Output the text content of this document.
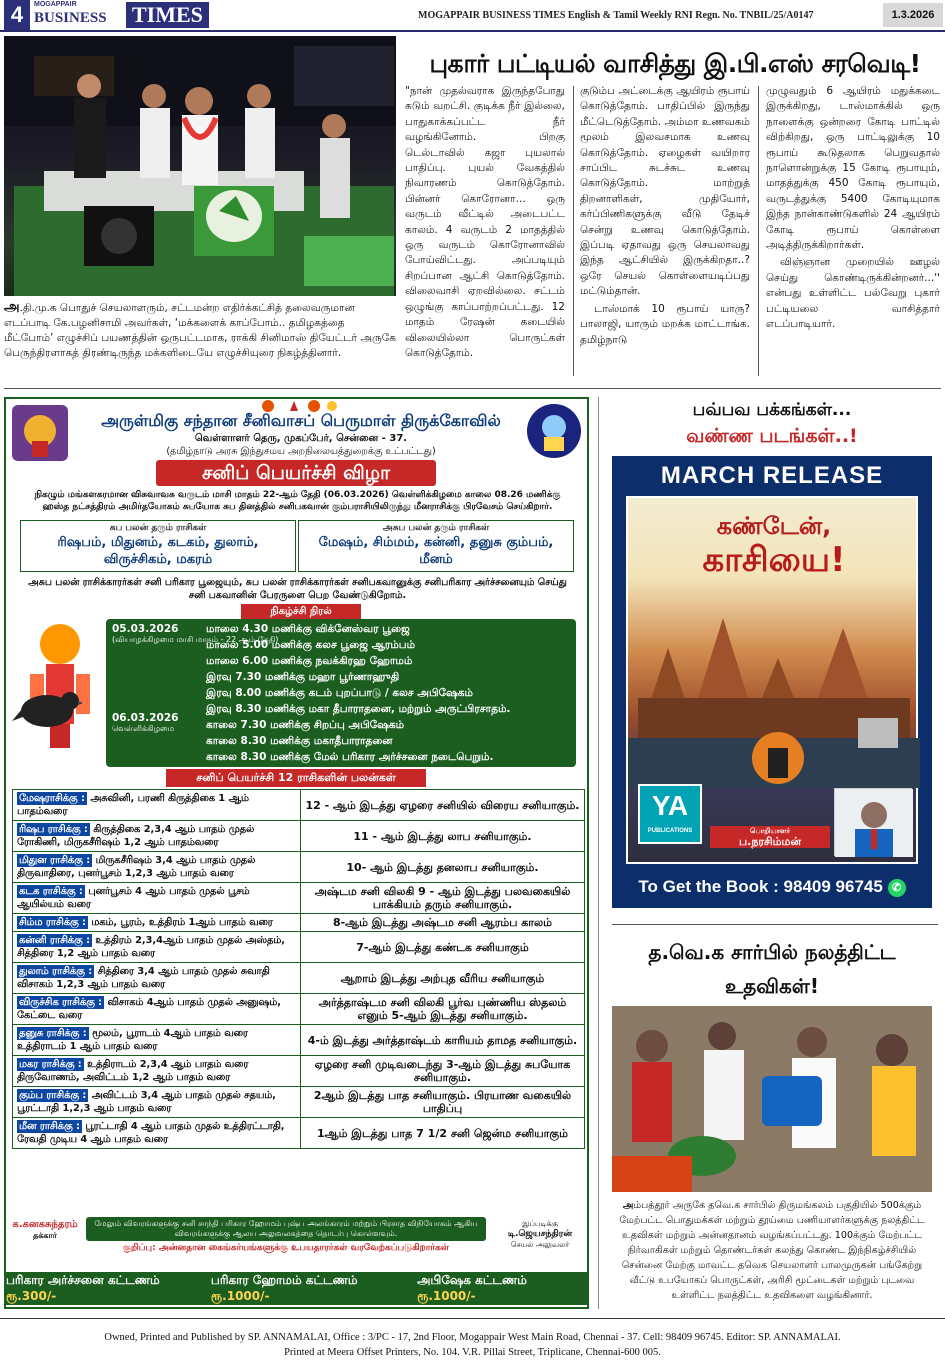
4	MOGAPPAIR
BUSINESS TIMES	MOGAPPAIR BUSINESS TIMES English & Tamil Weekly RNI Regn. No. TNBIL/25/A0147	1.3.2026
அ.தி.மு.க பொதுச் செயலாளரும், சட்டமன்ற எதிர்க்கட்சித் தலைவருமான எடப்பாடி கே.பழனிசாமி அவர்கள், ‘மக்களைக் காப்போம்.. தமிழகத்தை மீட்போம்’ எழுச்சிப் பயணத்தின் ஒருபட்டமாக, ராக்கி சினிமாஸ் தியேட்டர் அருகே பெருந்திரளாகத் திரண்டிருந்த மக்களிடையே எழுச்சியுரை நிகழ்த்தினார்.
புகார் பட்டியல் வாசித்து இ.பி.எஸ் சரவெடி!

"நான் முதல்வராக இருந்தபோது கடும் வறட்சி. குடிக்க நீர் இல்லை, பாதுகாக்கப்பட்ட நீர் வழங்கினோம். பிறகு டெல்டாவில் கஜா புயலால் பாதிப்பு. புயல் வேகத்தில் நிவாரணம் கொடுத்தோம். பின்னர் கொரோனா... ஒரு வருடம் வீட்டில் அடைபட்ட காலம். 4 வருடம் 2 மாதத்தில் ஒரு வருடம் கொரோனாவில் போய்விட்டது. அப்படியும் சிறப்பான ஆட்சி கொடுத்தோம். விலைவாசி ஏறவில்லை. சட்டம் ஒழுங்கு காப்பாற்றப்பட்டது. 12 மாதம் ரேஷன் கடையில் விலையில்லா பொருட்கள் கொடுத்தோம்.

குடும்ப அட்டைக்கு ஆயிரம் ரூபாய் கொடுத்தோம். பாதிப்பில் இருந்து மீட்டெடுத்தோம். அம்மா உணவகம் மூலம் இலவசமாக உணவு கொடுத்தோம். ஏழைகள் வயிறார சாப்பிட சுடச்சுட உணவு கொடுத்தோம். மாற்றுத் திறனாளிகள், முதியோர், கர்ப்பிணிகளுக்கு வீடு தேடிச் சென்று உணவு கொடுத்தோம். இப்படி ஏதாவது ஒரு செயலாவது இந்த ஆட்சியில் இருக்கிறதா..? ஒரே செயல் கொள்ளையடிப்பது மட்டும்தான்.

டாஸ்மாக் 10 ரூபாய் யாரு? பாலாஜி, யாரும் மறக்க மாட்டாங்க. தமிழ்நாடு

முழுவதும் 6 ஆயிரம் மதுக்கடை இருக்கிறது, டாஸ்மாக்கில் ஒரு நாளைக்கு ஒன்றரை கோடி பாட்டில் விற்கிறது, ஒரு பாட்டிலுக்கு 10 ரூபாய் கூடுதலாக பெறுவதால் நாளொன்றுக்கு 15 கோடி ரூபாயும், மாதத்துக்கு 450 கோடி ரூபாயும், வருடத்துக்கு 5400 கோடியுமாக இந்த நான்காண்டுகளில் 24 ஆயிரம் கோடி ரூபாய் கொள்ளை அடித்திருக்கிறார்கள்.

விஞ்ஞான முறையில் ஊழல் செய்து கொண்டிருக்கின்றனர்...'' என்பது உள்ளிட்ட பல்வேறு புகார் பட்டியலை வாசித்தார் எடப்பாடியார்.

அருள்மிகு சந்தான சீனிவாசப் பெருமாள் திருக்கோவில்
வெள்ளாளர் தெரு, முகப்பேர், சென்னை - 37.
(தமிழ்நாடு அரசு இந்துசமய அறநிலையத்துறைக்கு உட்பட்டது)
சனிப் பெயர்ச்சி விழா
நிகழும் மங்களகரமான விசுவாவசு வருடம் மாசி மாதம் 22-ஆம் தேதி (06.03.2026) வெள்ளிக்கிழமை காலை 08.26 மணிக்கு ஹஸ்த நட்சத்திரம் அமிர்தயோகம் சுபயோக சுப தினத்தில் சனிபகவான் கும்பராசியிலிருந்து மீனராசிக்கு பிரவேசம் செய்கிறார்.
சுப பலன் தரும் ராசிகள்
ரிஷபம், மிதுனம், கடகம், துலாம், விருச்சிகம், மகரம்
அசுப பலன் தரும் ராசிகள்
மேஷம், சிம்மம், கன்னி, தனுசு கும்பம், மீனம்
அசுப பலன் ராசிக்காரர்கள் சனி பரிகார பூஜையும், சுப பலன் ராசிக்காரர்கள் சனிபகவானுக்கு சனிபரிகார அர்ச்சனையும் செய்து சனி பகவானின் பேரருளை பெற வேண்டுகிறோம்.
நிகழ்ச்சி நிரல்
05.03.2026
(வியாழக்கிழமை மாசி மாதம் - 22 ஆம் தேதி)
06.03.2026
வெள்ளிக்கிழமை
மாலை 4.30 மணிக்கு விக்னேஸ்வர பூஜை
மாலை 5.00 மணிக்கு கலச பூஜை ஆரம்பம்
மாலை 6.00 மணிக்கு நவக்கிரஹ ஹோமம்
இரவு 7.30 மணிக்கு மஹா பூர்ணாஹுதி
இரவு 8.00 மணிக்கு கடம் புறப்பாடு / கலச அபிஷேகம்
இரவு 8.30 மணிக்கு மகா தீபாராதனை, மற்றும் அருட்பிரசாதம்.
காலை 7.30 மணிக்கு சிறப்பு அபிஷேகம்
காலை 8.30 மணிக்கு மகாதீபாராதனை
காலை 8.30 மணிக்கு மேல் பரிகார அர்ச்சனை நடைபெறும்.
சனிப் பெயர்ச்சி 12 ராசிகளின் பலன்கள்
மேஷராசிக்கு : அசுவினி, பரணி கிருத்திகை 1 ஆம் பாதம்வரை	12 - ஆம் இடத்து ஏழரை சனியில் விரைய சனியாகும்.
ரிஷப ராசிக்கு : கிருத்திகை 2,3,4 ஆம் பாதம் முதல் ரோகிணி, மிருகசீரிஷம் 1,2 ஆம் பாதம்வரை	11 - ஆம் இடத்து லாப சனியாகும்.
மிதுன ராசிக்கு : மிருகசீரிஷம் 3,4 ஆம் பாதம் முதல் திருவாதிரை, புனர்பூசம் 1,2,3 ஆம் பாதம் வரை	10- ஆம் இடத்து தனலாப சனியாகும்.
கடக ராசிக்கு : புனர்பூசம் 4 ஆம் பாதம் முதல் பூசம் ஆயில்யம் வரை	அஷ்டம சனி விலகி 9 - ஆம் இடத்து பலவகையில் பாக்கியம் தரும் சனியாகும்.
சிம்ம ராசிக்கு : மகம், பூரம், உத்திரம் 1ஆம் பாதம் வரை	8-ஆம் இடத்து அஷ்டம சனி ஆரம்ப காலம்
கன்னி ராசிக்கு : உத்திரம் 2,3,4ஆம் பாதம் முதல் அஸ்தம், சித்திரை 1,2 ஆம் பாதம் வரை	7-ஆம் இடத்து கண்டக சனியாகும்
துலாம் ராசிக்கு : சித்திரை 3,4 ஆம் பாதம் முதல் சுவாதி விசாகம் 1,2,3 ஆம் பாதம் வரை	ஆறாம் இடத்து அற்புத வீரிய சனியாகும்
விருச்சிக ராசிக்கு : விசாகம் 4ஆம் பாதம் முதல் அனுஷம், கேட்டை வரை	அர்த்தாஷ்டம சனி விலகி பூர்வ புண்ணிய ஸ்தலம் எனும் 5-ஆம் இடத்து சனியாகும்.
தனுசு ராசிக்கு : மூலம், பூராடம் 4ஆம் பாதம் வரை உத்திராடம் 1 ஆம் பாதம் வரை	4-ம் இடத்து அர்த்தாஷ்டம் காரியம் தாமத சனியாகும்.
மகர ராசிக்கு : உத்திராடம் 2,3,4 ஆம் பாதம் வரை திருவோணம், அவிட்டம் 1,2 ஆம் பாதம் வரை	ஏழரை சனி முடிவடைந்து 3-ஆம் இடத்து சுபயோக சனியாகும்.
கும்ப ராசிக்கு : அவிட்டம் 3,4 ஆம் பாதம் முதல் சதயம், பூரட்டாதி 1,2,3 ஆம் பாதம் வரை	2ஆம் இடத்து பாத சனியாகும். பிரயாண வகையில் பாதிப்பு
மீன ராசிக்கு : பூரட்டாதி 4 ஆம் பாதம் முதல் உத்திரட்டாதி, ரேவதி முடிய 4 ஆம் பாதம் வரை	1ஆம் இடத்து பாத 7 1/2 சனி ஜென்ம சனியாகும்
க.கனகசுந்தரம்
தக்கார்
மேலும் விவரங்களுக்கு சனி சாந்தி பரிகார ஹோமம் புஷ்ப அலங்காரம் மற்றும் பிரசாத விநியோகம் ஆகிய விவரங்களுக்கு ஆலய அலுவலகத்தை தொடர்பு கொள்ளவும்.
குறிப்பு: அன்னதான கைங்கர்யங்களுக்கு உபயதாரர்கள் வரவேற்கப்படுகிறார்கள்
இப்படிக்கு
டி.ஜெயசந்திரன்
செயல் அலுவலர்
பரிகார அர்ச்சனை கட்டணம் ரூ.300/-
பரிகார ஹோமம் கட்டணம் ரூ.1000/-
அபிஷேக கட்டணம் ரூ.1000/-
பவ்பவ பக்கங்கள்...
வண்ண படங்கள்..!
MARCH RELEASE
கண்டேன்,
காசியை!
YA
PUBLICATIONS	பொறியாளர்
ப.நரசிம்மன்
To Get the Book : 98409 96745 ✆
த.வெ.க சார்பில் நலத்திட்ட உதவிகள்!
அம்பத்தூர் அருகே தவெ.க சார்பில் திருமங்கலம் பகுதியில் 500க்கும் மேற்பட்ட பொதுமக்கள் மற்றும் தூய்மை பணியாளர்களுக்கு நலத்திட்ட உதவிகள் மற்றும் அன்னதானம் வழங்கப்பட்டது. 100க்கும் மேற்பட்ட நிர்வாகிகள் மற்றும் தொண்டர்கள் கலந்து கொண்ட இந்நிகழ்ச்சியில் சென்னை மேற்கு மாவட்ட தவெக செயலாளர் பாலமுருகன் பங்கேற்று வீட்டு உபயோகப் பொருட்கள், அரிசி மூட்டைகள் மற்றும் புடவை உள்ளிட்ட நலத்திட்ட உதவிகளை வழங்கினார்.
Owned, Printed and Published by SP. ANNAMALAI, Office : 3/PC - 17, 2nd Floor, Mogappair West Main Road, Chennai - 37. Cell: 98409 96745. Editor: SP. ANNAMALAI.
Printed at Meera Offset Printers, No. 104. V.R. Pillai Street, Triplicane, Chennai-600 005.
